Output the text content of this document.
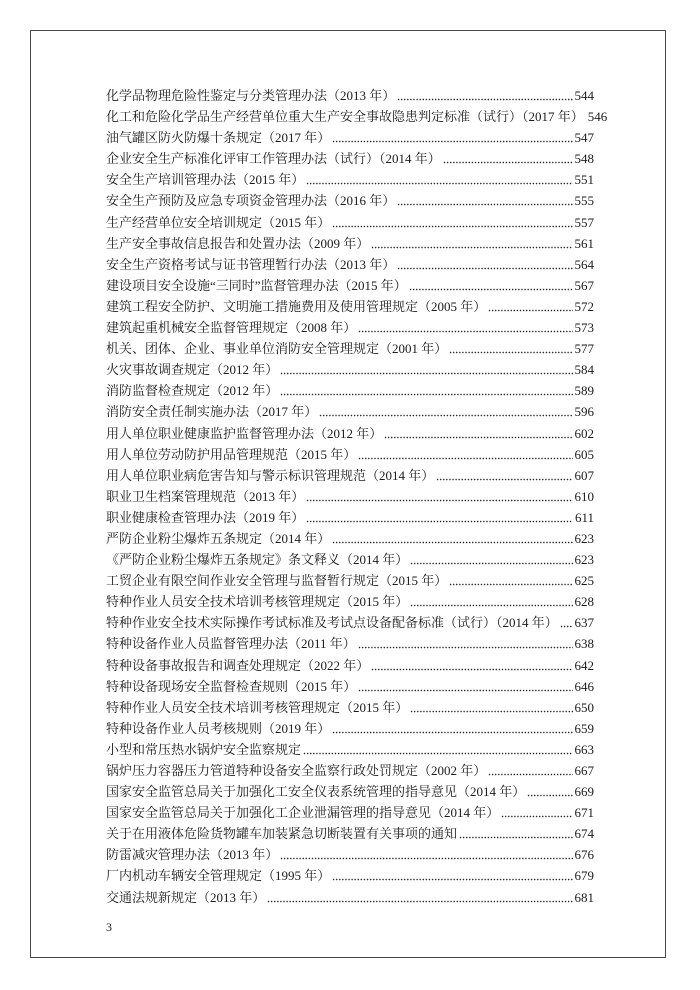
化学品物理危险性鉴定与分类管理办法（2013 年）	544
化工和危险化学品生产经营单位重大生产安全事故隐患判定标准（试行）（2017 年） 546
油气罐区防火防爆十条规定（2017 年）	547
企业安全生产标准化评审工作管理办法（试行）（2014 年）	548
安全生产培训管理办法（2015 年）	551
安全生产预防及应急专项资金管理办法（2016 年）	555
生产经营单位安全培训规定（2015 年）	557
生产安全事故信息报告和处置办法（2009 年）	561
安全生产资格考试与证书管理暂行办法（2013 年）	564
建设项目安全设施“三同时”监督管理办法（2015 年）	567
建筑工程安全防护、文明施工措施费用及使用管理规定（2005 年）	572
建筑起重机械安全监督管理规定（2008 年）	573
机关、团体、企业、事业单位消防安全管理规定（2001 年）	577
火灾事故调查规定（2012 年）	584
消防监督检查规定（2012 年）	589
消防安全责任制实施办法（2017 年）	596
用人单位职业健康监护监督管理办法（2012 年）	602
用人单位劳动防护用品管理规范（2015 年）	605
用人单位职业病危害告知与警示标识管理规范（2014 年）	607
职业卫生档案管理规范（2013 年）	610
职业健康检查管理办法（2019 年）	611
严防企业粉尘爆炸五条规定（2014 年）	623
《严防企业粉尘爆炸五条规定》条文释义（2014 年）	623
工贸企业有限空间作业安全管理与监督暂行规定（2015 年）	625
特种作业人员安全技术培训考核管理规定（2015 年）	628
特种作业安全技术实际操作考试标准及考试点设备配备标准（试行）（2014 年） 637
特种设备作业人员监督管理办法（2011 年）	638
特种设备事故报告和调查处理规定（2022 年）	642
特种设备现场安全监督检查规则（2015 年）	646
特种作业人员安全技术培训考核管理规定（2015 年）	650
特种设备作业人员考核规则（2019 年）	659
小型和常压热水锅炉安全监察规定	663
锅炉压力容器压力管道特种设备安全监察行政处罚规定（2002 年）	667
国家安全监管总局关于加强化工安全仪表系统管理的指导意见（2014 年）	669
国家安全监管总局关于加强化工企业泄漏管理的指导意见（2014 年）	671
关于在用液体危险货物罐车加装紧急切断装置有关事项的通知	674
防雷减灾管理办法（2013 年）	676
厂内机动车辆安全管理规定（1995 年）	679
交通法规新规定（2013 年）	681
3
